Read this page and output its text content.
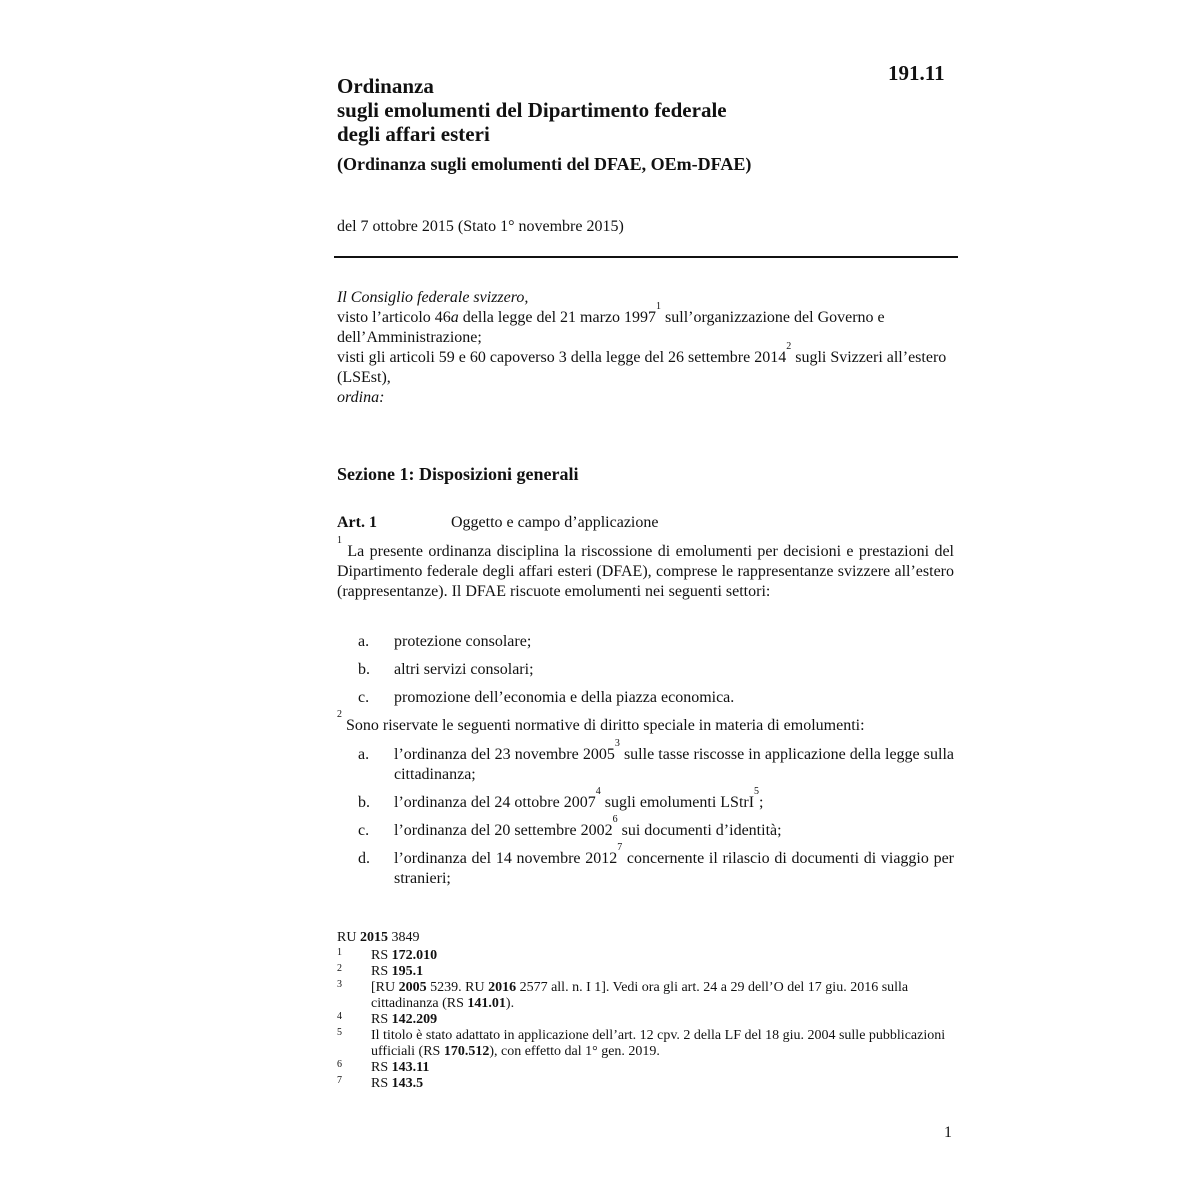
191.11
Ordinanza
sugli emolumenti del Dipartimento federale
degli affari esteri
(Ordinanza sugli emolumenti del DFAE, OEm-DFAE)
del 7 ottobre 2015 (Stato 1° novembre 2015)

Il Consiglio federale svizzero,

visto l’articolo 46a della legge del 21 marzo 1997$^1$ sull’organizzazione del Governo e dell’Amministrazione;

visti gli articoli 59 e 60 capoverso 3 della legge del 26 settembre 2014$^2$ sugli Svizzeri all’estero (LSEst),

ordina:

Sezione 1: Disposizioni generali
Art. 1	Oggetto e campo d’applicazione

$^1$ La presente ordinanza disciplina la riscossione di emolumenti per decisioni e prestazioni del Dipartimento federale degli affari esteri (DFAE), comprese le rappresentanze svizzere all’estero (rappresentanze). Il DFAE riscuote emolumenti nei seguenti settori:

a.	protezione consolare;
b.	altri servizi consolari;
c.	promozione dell’economia e della piazza economica.

$^2$ Sono riservate le seguenti normative di diritto speciale in materia di emolumenti:

a.	l’ordinanza del 23 novembre 2005$^3$ sulle tasse riscosse in applicazione della legge sulla cittadinanza;
b.	l’ordinanza del 24 ottobre 2007$^4$ sugli emolumenti LStrI$^5$;
c.	l’ordinanza del 20 settembre 2002$^6$ sui documenti d’identità;
d.	l’ordinanza del 14 novembre 2012$^7$ concernente il rilascio di documenti di viaggio per stranieri;
RU 2015 3849
1 RS 172.010
2 RS 195.1
3 [RU 2005 5239. RU 2016 2577 all. n. I 1]. Vedi ora gli art. 24 a 29 dell’O del 17 giu. 2016 sulla cittadinanza (RS 141.01).
4 RS 142.209
5 Il titolo è stato adattato in applicazione dell’art. 12 cpv. 2 della LF del 18 giu. 2004 sulle pubblicazioni ufficiali (RS 170.512), con effetto dal 1° gen. 2019.
6 RS 143.11
7 RS 143.5
1
